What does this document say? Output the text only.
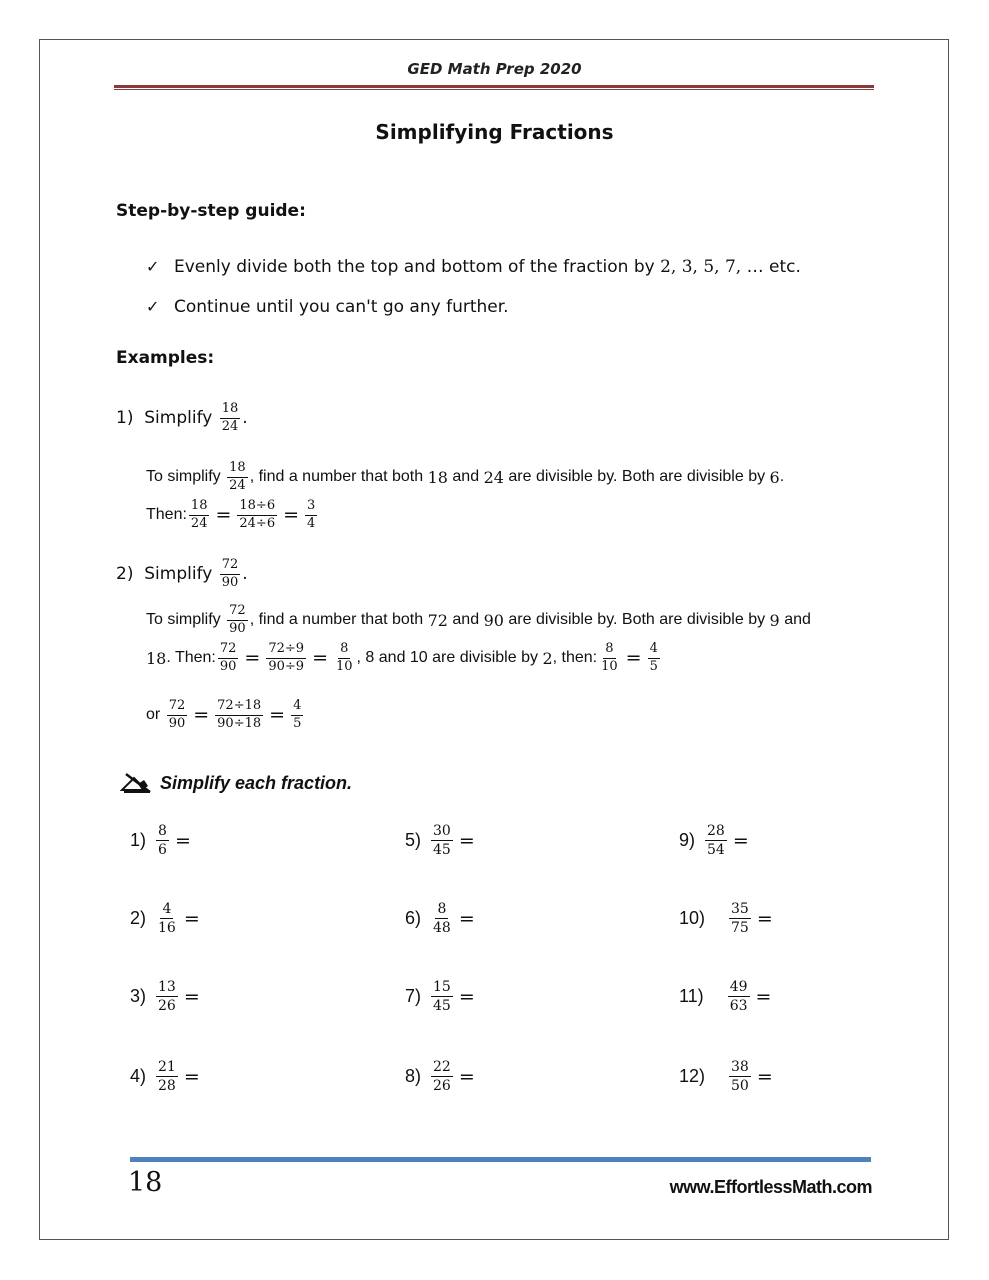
GED Math Prep 2020
Simplifying Fractions
Step-by-step guide:
✓ Evenly divide both the top and bottom of the fraction by 2, 3, 5, 7, … etc.
✓ Continue until you can't go any further.
Examples:
1)
Simplify
$\frac{18}{24}$ .
To simplify
$\frac{18}{24}$ , find a number that both
18
and
24
are divisible by. Both are divisible by
6 .
Then: $\frac{18}{24} = \frac{18\div 6}{24\div 6} = \frac{3}{4}$
2)
Simplify
$\frac{72}{90}$ .
To simplify
$\frac{72}{90}$ , find a number that both
72
and
90
are divisible by. Both are divisible by
9
and
18 . Then: $\frac{72}{90} = \frac{72\div 9}{90\div 9} = \frac{8}{10}$ , 8 and 10 are divisible by
2 , then: $\frac{8}{10} = \frac{4}{5}$
or
$\frac{72}{90} = \frac{72\div 18}{90\div 18} = \frac{4}{5}$
Simplify each fraction.
$1) \frac{8}{6}$ =
$2) \frac{4}{16}$ =
$3) \frac{13}{26}$ =
$4) \frac{21}{28}$ =
$5) \frac{30}{45}$ =
$6) \frac{8}{48}$ =
$7) \frac{15}{45}$ =
$8) \frac{22}{26}$ =
$9) \frac{28}{54}$ =
$10) \frac{35}{75}$ =
$11) \frac{49}{63}$ =
$12) \frac{38}{50}$ =
18	www.EffortlessMath.com
